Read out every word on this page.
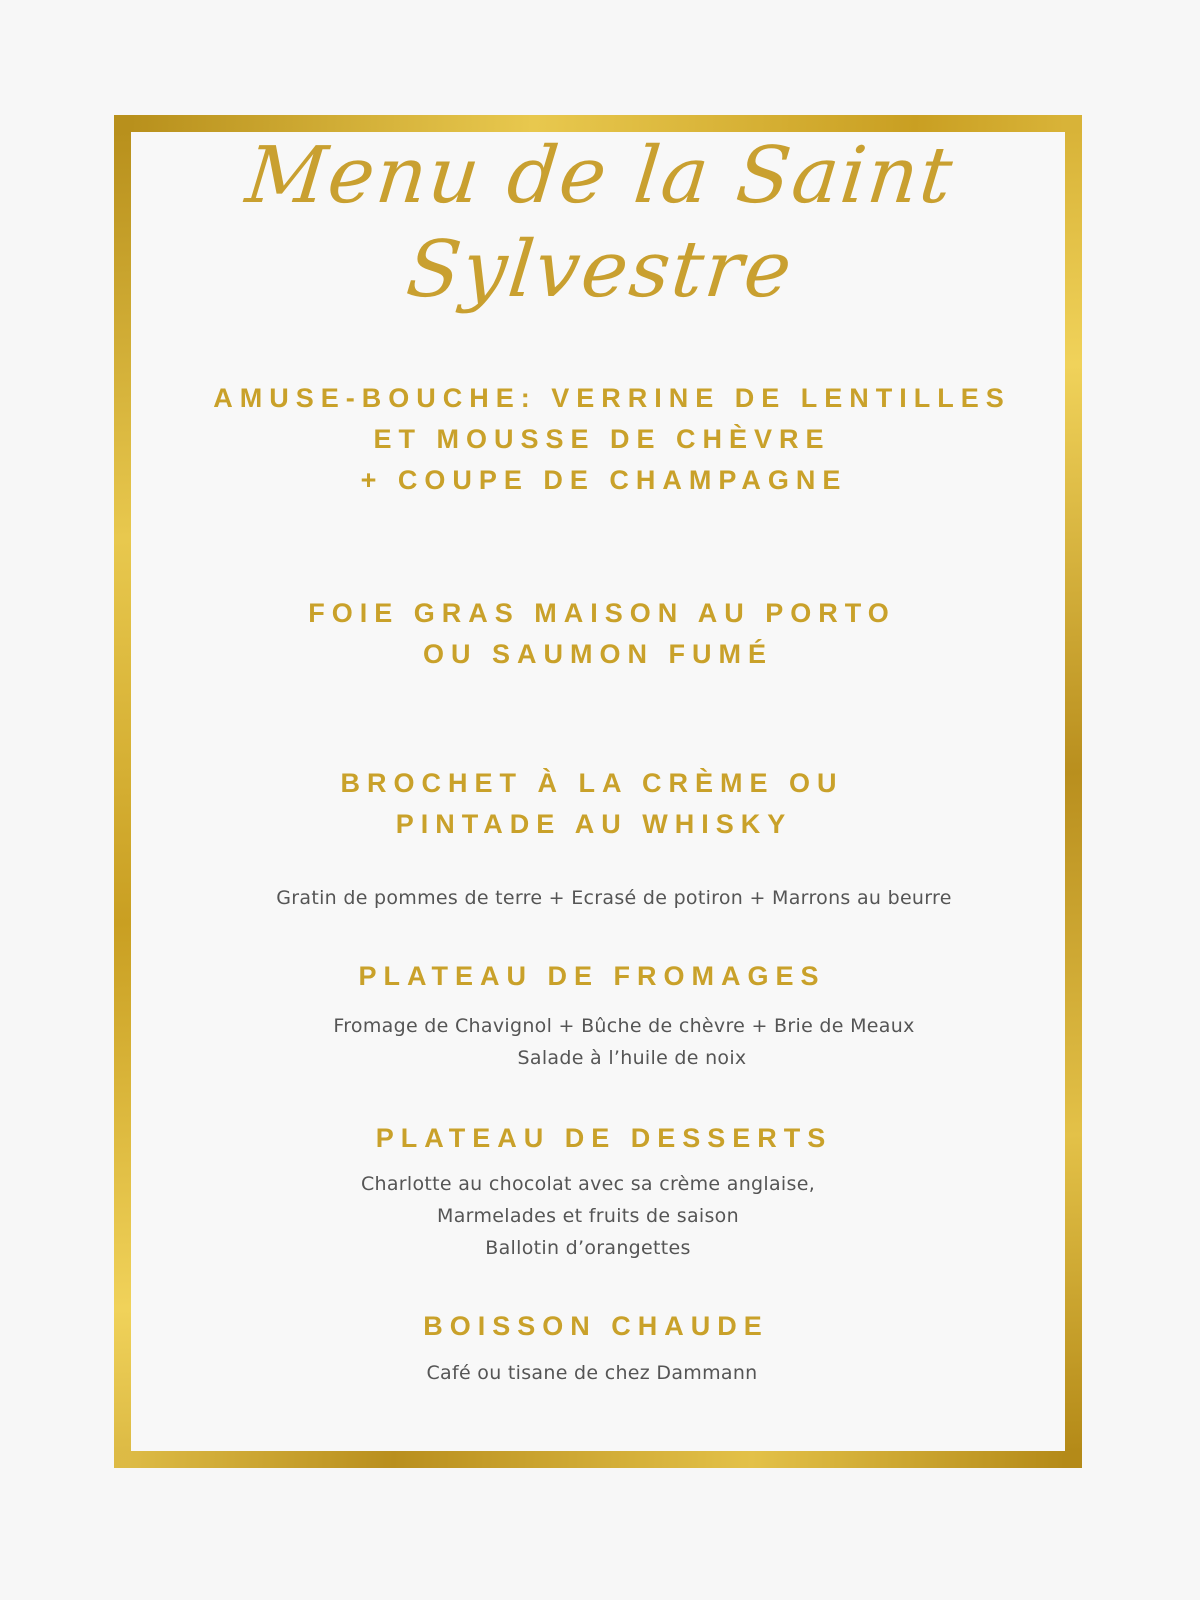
Menu de la Saint
Sylvestre
AMUSE-BOUCHE: VERRINE DE LENTILLES
ET MOUSSE DE CHÈVRE
+ COUPE DE CHAMPAGNE
FOIE GRAS MAISON AU PORTO
OU SAUMON FUMÉ
BROCHET À LA CRÈME OU
PINTADE AU WHISKY
Gratin de pommes de terre + Ecrasé de potiron + Marrons au beurre
PLATEAU DE FROMAGES
Fromage de Chavignol + Bûche de chèvre + Brie de Meaux
Salade à l’huile de noix
PLATEAU DE DESSERTS
Charlotte au chocolat avec sa crème anglaise,
Marmelades et fruits de saison
Ballotin d’orangettes
BOISSON CHAUDE
Café ou tisane de chez Dammann
